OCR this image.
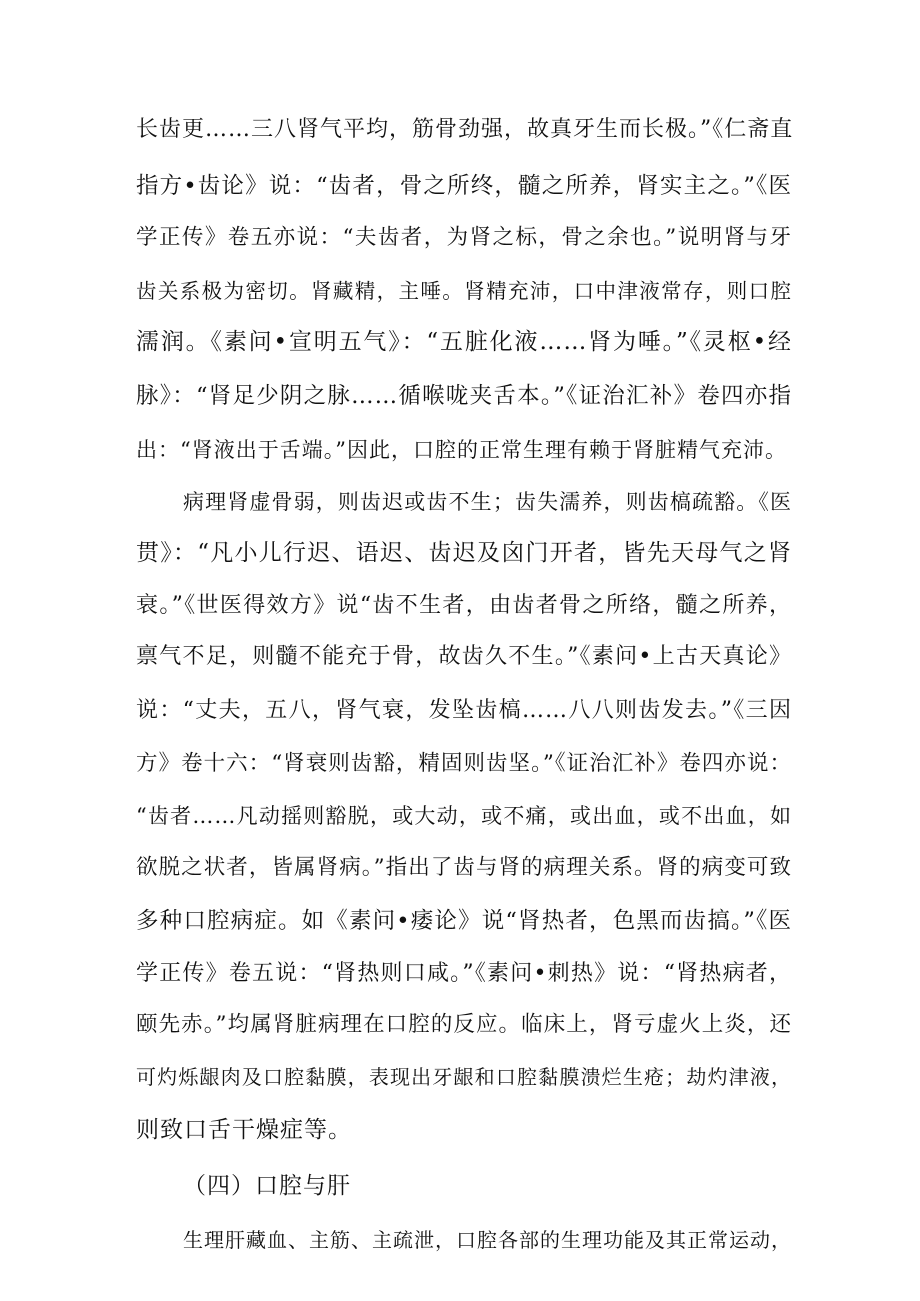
长齿更……三八肾气平均，筋骨劲强，故真牙生而长极。”《仁斋直
指方•齿论》说：“齿者，骨之所终，髓之所养，肾实主之。”《医
学正传》卷五亦说：“夫齿者，为肾之标，骨之余也。”说明肾与牙
齿关系极为密切。肾藏精，主唾。肾精充沛，口中津液常存，则口腔
濡润。《素问•宣明五气》：“五脏化液……肾为唾。”《灵枢•经
脉》：“肾足少阴之脉……循喉咙夹舌本。”《证治汇补》卷四亦指
出：“肾液出于舌端。”因此，口腔的正常生理有赖于肾脏精气充沛。
病理肾虚骨弱，则齿迟或齿不生；齿失濡养，则齿槁疏豁。《医
贯》：“凡小儿行迟、语迟、齿迟及囟门开者，皆先天母气之肾
衰。”《世医得效方》说“齿不生者，由齿者骨之所络，髓之所养，
禀气不足，则髓不能充于骨，故齿久不生。”《素问•上古天真论》
说：“丈夫，五八，肾气衰，发坠齿槁……八八则齿发去。”《三因
方》卷十六：“肾衰则齿豁，精固则齿坚。”《证治汇补》卷四亦说：
“齿者……凡动摇则豁脱，或大动，或不痛，或出血，或不出血，如
欲脱之状者，皆属肾病。”指出了齿与肾的病理关系。肾的病变可致
多种口腔病症。如《素问•痿论》说“肾热者，色黑而齿搞。”《医
学正传》卷五说：“肾热则口咸。”《素问•刺热》说：“肾热病者，
颐先赤。”均属肾脏病理在口腔的反应。临床上，肾亏虚火上炎，还
可灼烁龈肉及口腔黏膜，表现出牙龈和口腔黏膜溃烂生疮；劫灼津液，
则致口舌干燥症等。
（四）口腔与肝
生理肝藏血、主筋、主疏泄，口腔各部的生理功能及其正常运动，
